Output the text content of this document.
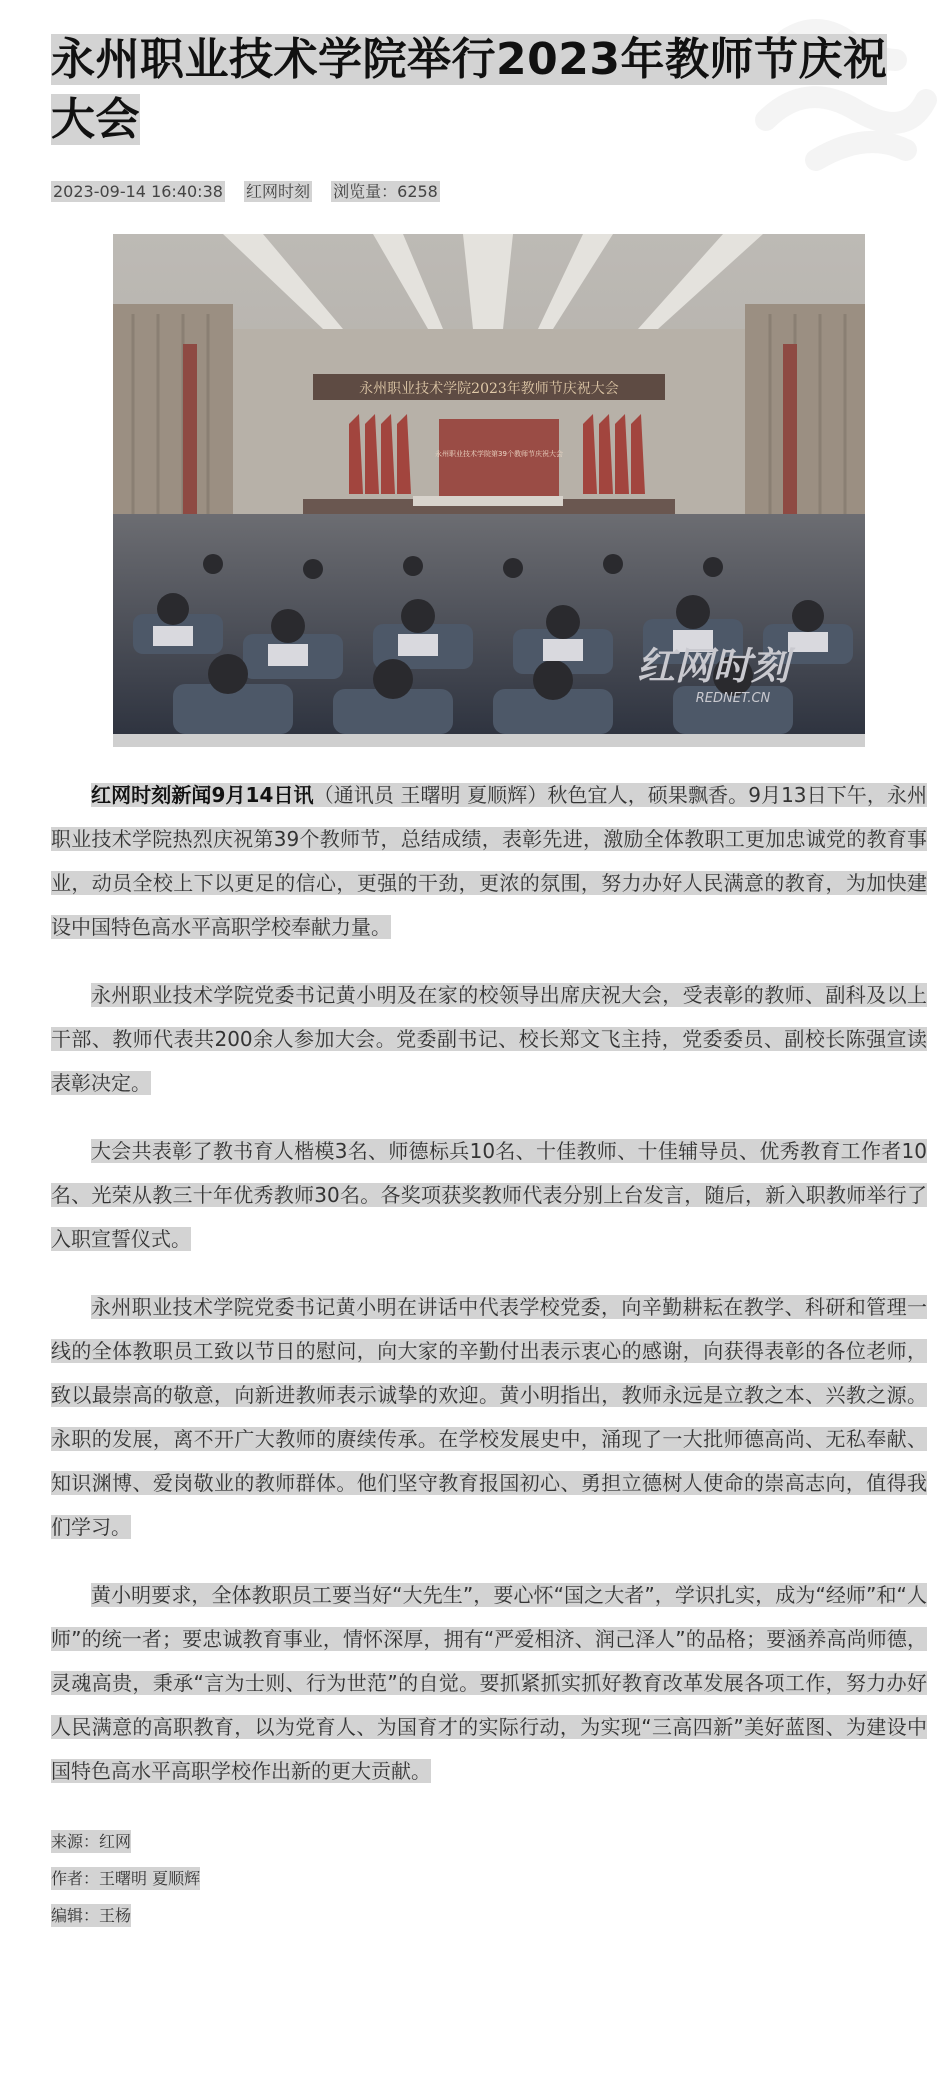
永州职业技术学院举行2023年教师节庆祝大会
2023-09-14 16:40:38 红网时刻 浏览量：6258
永州职业技术学院2023年教师节庆祝大会
永州职业技术学院第39个教师节庆祝大会
红网时刻
REDNET.CN

红网时刻新闻9月14日讯（通讯员 王曙明 夏顺辉）秋色宜人，硕果飘香。9月13日下午，永州职业技术学院热烈庆祝第39个教师节，总结成绩，表彰先进，激励全体教职工更加忠诚党的教育事业，动员全校上下以更足的信心，更强的干劲，更浓的氛围，努力办好人民满意的教育，为加快建设中国特色高水平高职学校奉献力量。

永州职业技术学院党委书记黄小明及在家的校领导出席庆祝大会，受表彰的教师、副科及以上干部、教师代表共200余人参加大会。党委副书记、校长郑文飞主持，党委委员、副校长陈强宣读表彰决定。

大会共表彰了教书育人楷模3名、师德标兵10名、十佳教师、十佳辅导员、优秀教育工作者10名、光荣从教三十年优秀教师30名。各奖项获奖教师代表分别上台发言，随后，新入职教师举行了入职宣誓仪式。

永州职业技术学院党委书记黄小明在讲话中代表学校党委，向辛勤耕耘在教学、科研和管理一线的全体教职员工致以节日的慰问，向大家的辛勤付出表示衷心的感谢，向获得表彰的各位老师，致以最崇高的敬意，向新进教师表示诚挚的欢迎。黄小明指出，教师永远是立教之本、兴教之源。永职的发展，离不开广大教师的赓续传承。在学校发展史中，涌现了一大批师德高尚、无私奉献、知识渊博、爱岗敬业的教师群体。他们坚守教育报国初心、勇担立德树人使命的崇高志向，值得我们学习。

黄小明要求，全体教职员工要当好“大先生”，要心怀“国之大者”，学识扎实，成为“经师”和“人师”的统一者；要忠诚教育事业，情怀深厚，拥有“严爱相济、润己泽人”的品格；要涵养高尚师德，灵魂高贵，秉承“言为士则、行为世范”的自觉。要抓紧抓实抓好教育改革发展各项工作，努力办好人民满意的高职教育，以为党育人、为国育才的实际行动，为实现“三高四新”美好蓝图、为建设中国特色高水平高职学校作出新的更大贡献。

来源：红网
作者：王曙明 夏顺辉
编辑：王杨
